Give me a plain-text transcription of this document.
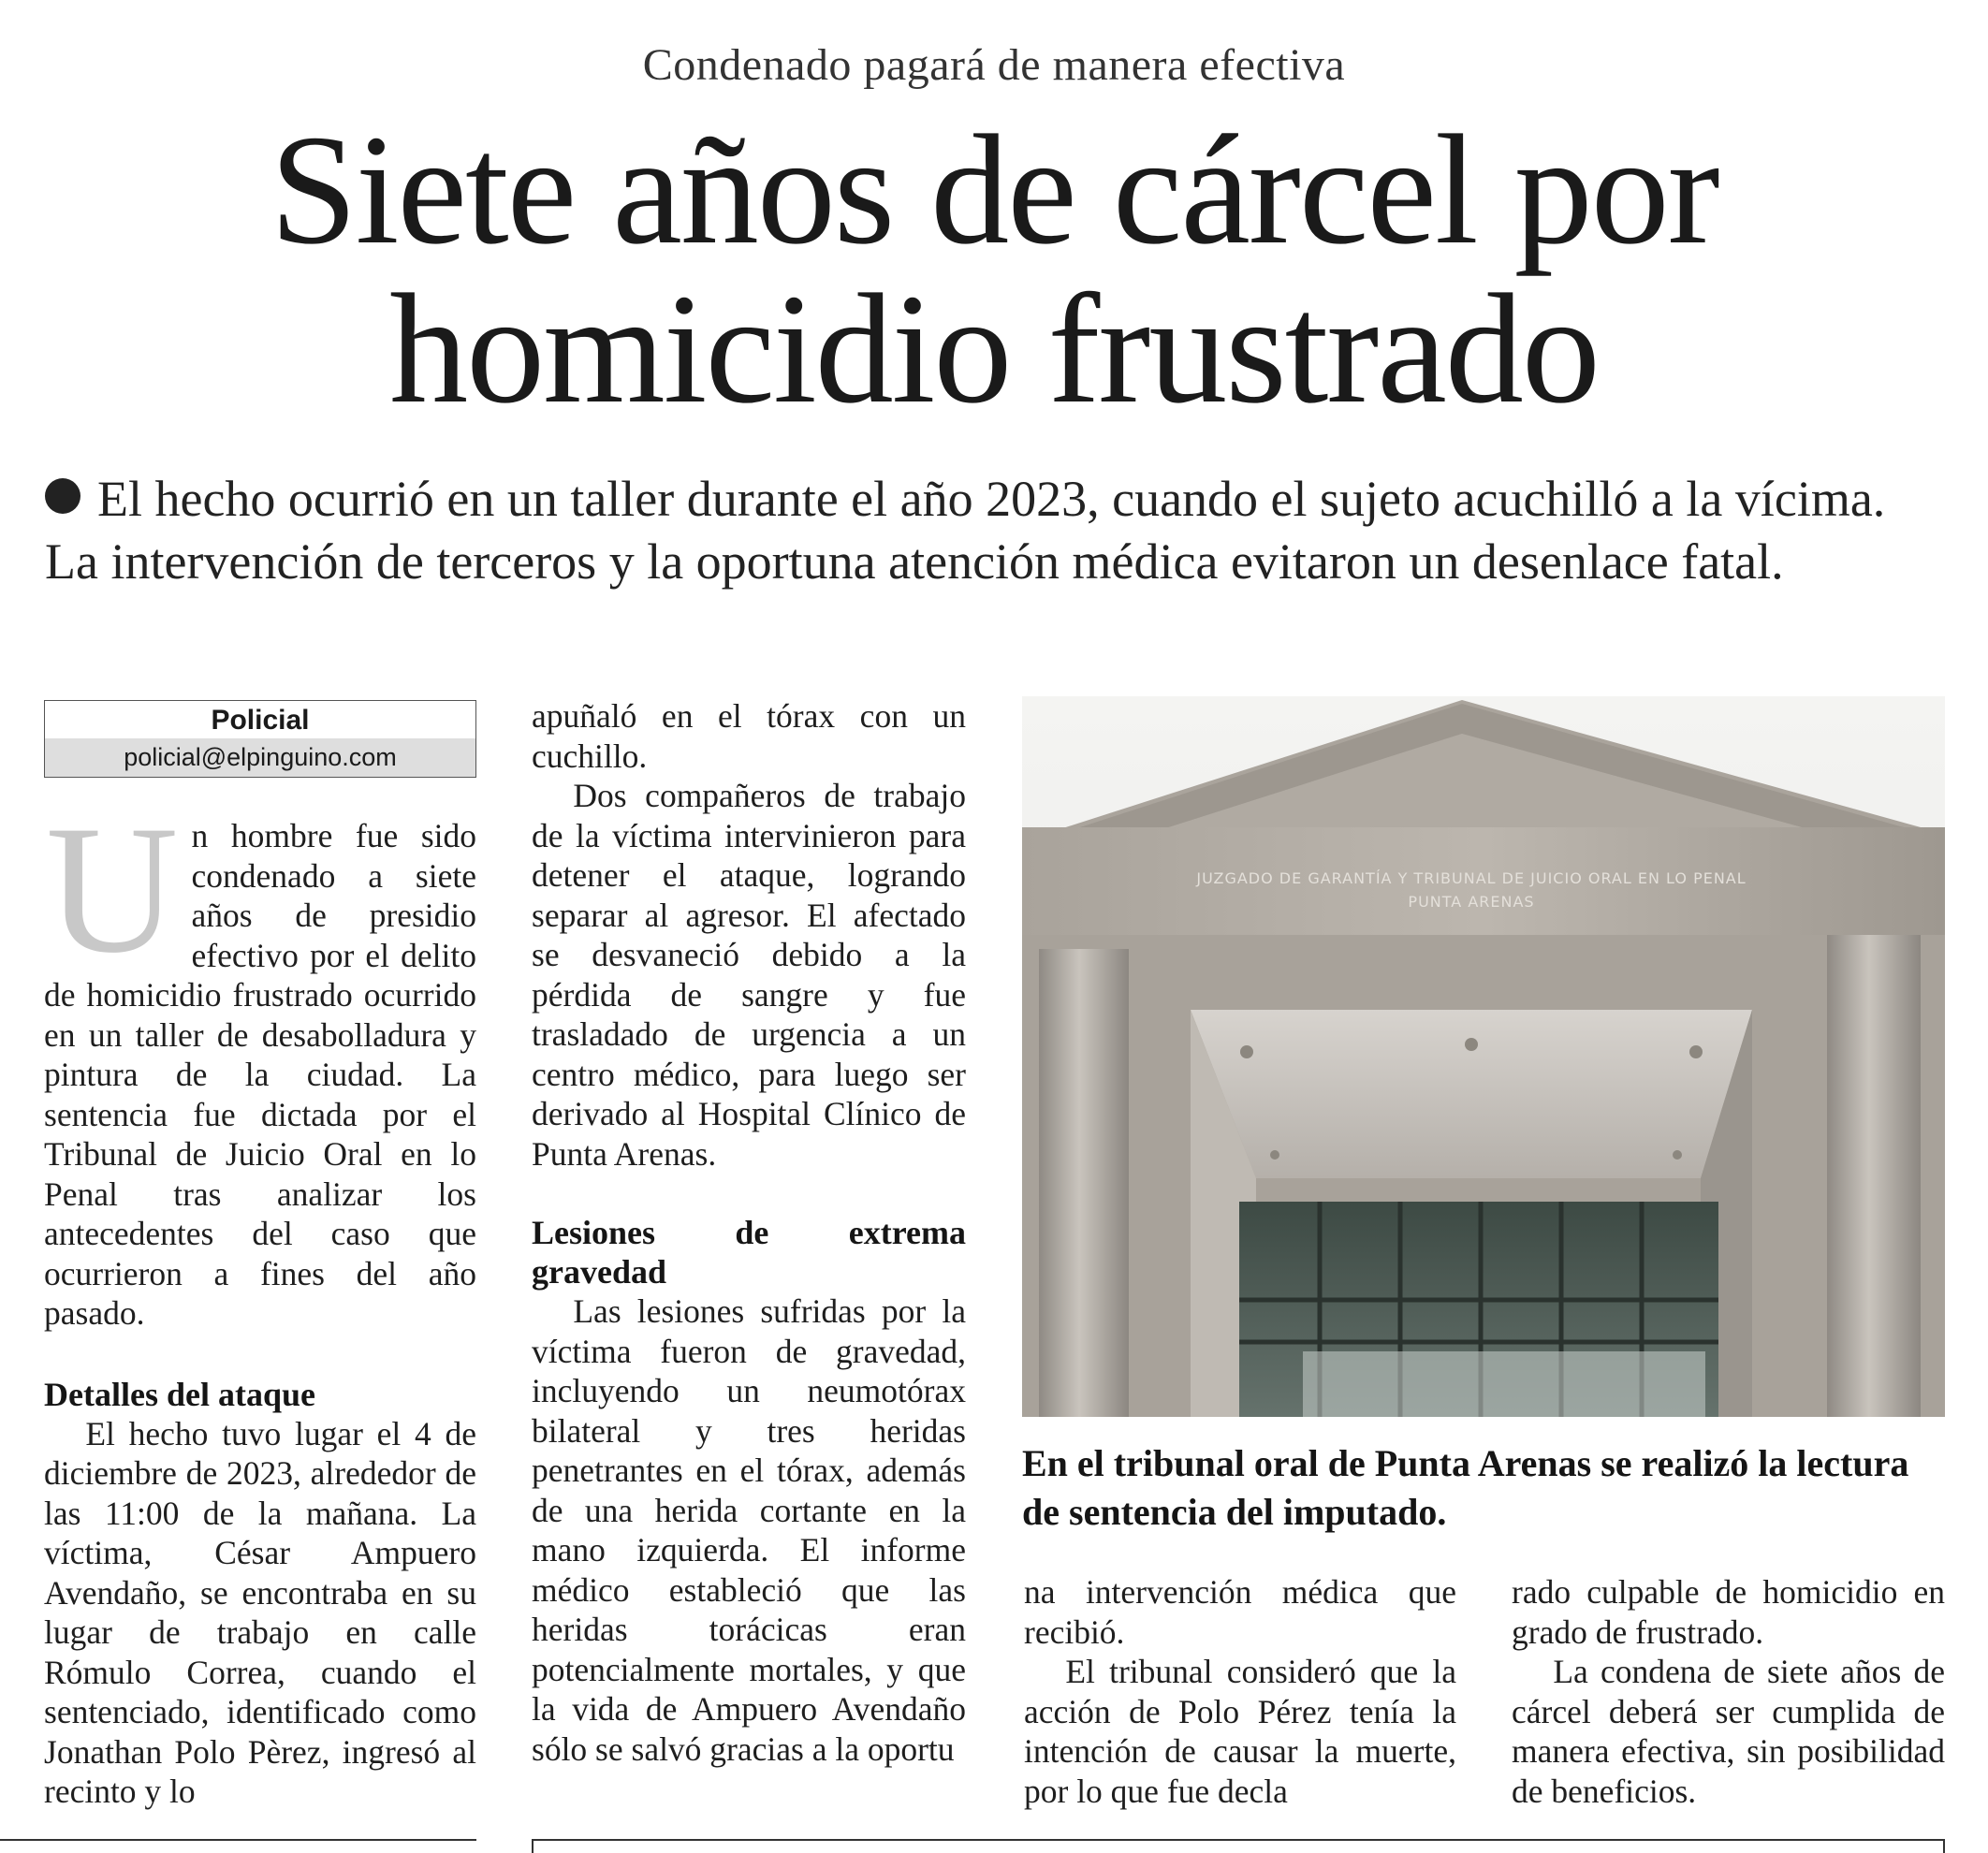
Condenado pagará de manera efectiva
Siete años de cárcel por
homicidio frustrado
El hecho ocurrió en un taller durante el año 2023, cuando el sujeto acuchilló a la vícima. La intervención de terceros y la oportuna atención médica evitaron un desenlace fatal.
Policial
policial@elpinguino.com

Un hombre fue sido condenado a siete años de presidio efectivo por el delito de homicidio frustrado ocurrido en un taller de desabolladura y pintura de la ciudad. La sentencia fue dictada por el Tribunal de Juicio Oral en lo Penal tras analizar los antecedentes del caso que ocurrieron a fines del año pasado.

Detalles del ataque

El hecho tuvo lugar el 4 de diciembre de 2023, alrededor de las 11:00 de la mañana. La víctima, César Ampuero Avendaño, se encontraba en su lugar de trabajo en calle Rómulo Correa, cuando el sentenciado, identificado como Jonathan Polo Pèrez, ingresó al recinto y lo

apuñaló en el tórax con un cuchillo.

Dos compañeros de trabajo de la víctima intervinieron para detener el ataque, logrando separar al agresor. El afectado se desvaneció debido a la pérdida de sangre y fue trasladado de urgencia a un centro médico, para luego ser derivado al Hospital Clínico de Punta Arenas.

Lesiones de extrema gravedad

Las lesiones sufridas por la víctima fueron de gravedad, incluyendo un neumotórax bilateral y tres heridas penetrantes en el tórax, además de una herida cortante en la mano izquierda. El informe médico estableció que las heridas torácicas eran potencialmente mortales, y que la vida de Ampuero Avendaño sólo se salvó gracias a la oportu

JUZGADO DE GARANTÍA Y TRIBUNAL DE JUICIO ORAL EN LO PENAL
PUNTA ARENAS
En el tribunal oral de Punta Arenas se realizó la lectura de sentencia del imputado.

na intervención médica que recibió.

El tribunal consideró que la acción de Polo Pérez tenía la intención de causar la muerte, por lo que fue decla

rado culpable de homicidio en grado de frustrado.

La condena de siete años de cárcel deberá ser cumplida de manera efectiva, sin posibilidad de beneficios.
